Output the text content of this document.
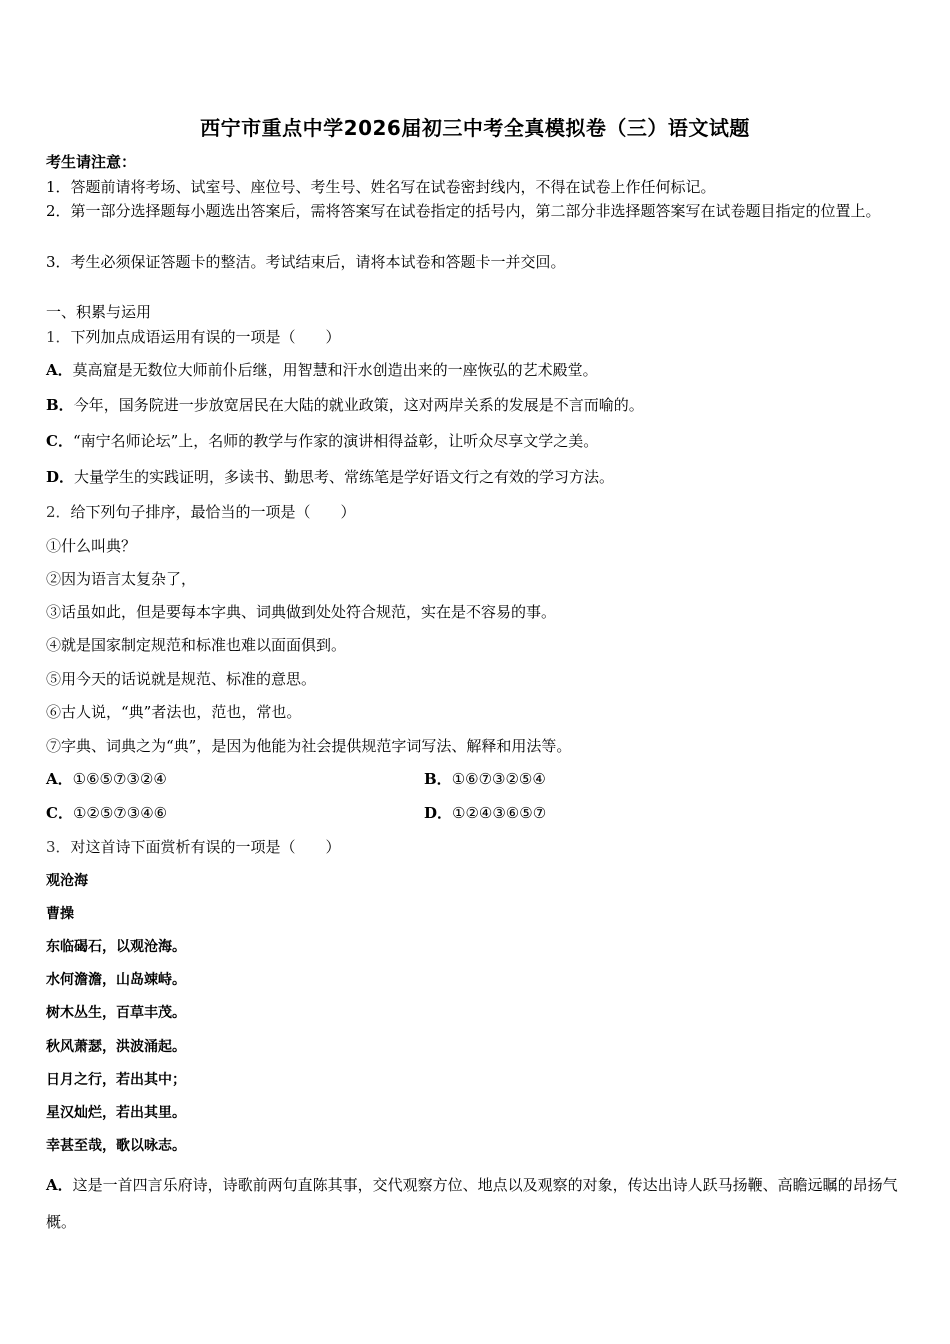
西宁市重点中学2026届初三中考全真模拟卷（三）语文试题
考生请注意：
1．答题前请将考场、试室号、座位号、考生号、姓名写在试卷密封线内，不得在试卷上作任何标记。
2．第一部分选择题每小题选出答案后，需将答案写在试卷指定的括号内，第二部分非选择题答案写在试卷题目指定的位置上。
3．考生必须保证答题卡的整洁。考试结束后，请将本试卷和答题卡一并交回。
一、积累与运用
1．下列加点成语运用有误的一项是（　　）
A．莫高窟是无数位大师前仆后继，用智慧和汗水创造出来的一座恢弘的艺术殿堂。
B．今年，国务院进一步放宽居民在大陆的就业政策，这对两岸关系的发展是不言而喻的。
C．“南宁名师论坛”上，名师的教学与作家的演讲相得益彰，让听众尽享文学之美。
D．大量学生的实践证明，多读书、勤思考、常练笔是学好语文行之有效的学习方法。
2．给下列句子排序，最恰当的一项是（　　）
①什么叫典？
②因为语言太复杂了，
③话虽如此，但是要每本字典、词典做到处处符合规范，实在是不容易的事。
④就是国家制定规范和标准也难以面面俱到。
⑤用今天的话说就是规范、标准的意思。
⑥古人说，“典”者法也，范也，常也。
⑦字典、词典之为“典”，是因为他能为社会提供规范字词写法、解释和用法等。
A．①⑥⑤⑦③②④	B．①⑥⑦③②⑤④
C．①②⑤⑦③④⑥	D．①②④③⑥⑤⑦
3．对这首诗下面赏析有误的一项是（　　）
观沧海
曹操
东临碣石，以观沧海。
水何澹澹，山岛竦峙。
树木丛生，百草丰茂。
秋风萧瑟，洪波涌起。
日月之行，若出其中；
星汉灿烂，若出其里。
幸甚至哉，歌以咏志。
A．这是一首四言乐府诗，诗歌前两句直陈其事，交代观察方位、地点以及观察的对象，传达出诗人跃马扬鞭、高瞻远瞩的昂扬气概。
